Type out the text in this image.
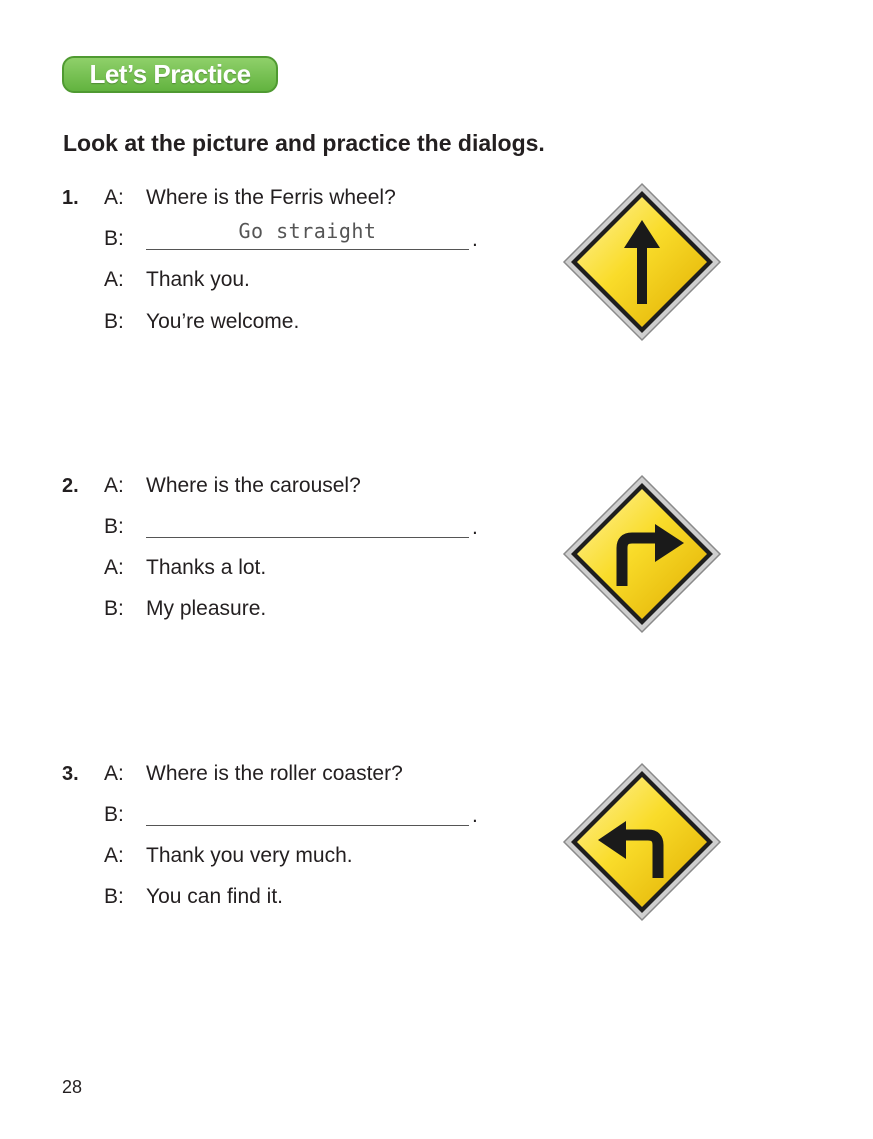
Let’s Practice
Look at the picture and practice the dialogs.
1. A: Where is the Ferris wheel?
B:	Go straight	.
A: Thank you.
B: You’re welcome.
2. A: Where is the carousel?
B:	.
A: Thanks a lot.
B: My pleasure.
3. A: Where is the roller coaster?
B:	.
A: Thank you very much.
B: You can find it.
28
